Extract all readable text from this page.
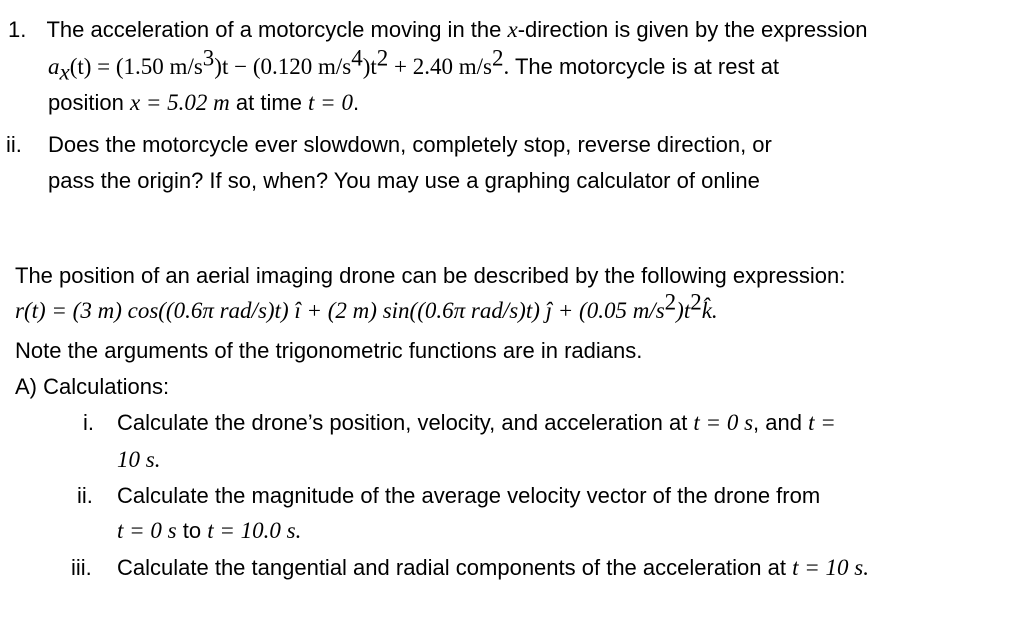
1. The acceleration of a motorcycle moving in the x-direction is given by the expression
$a_x(t) = (1.50$ $m/s^3)t - (0.120$ $m/s^4)t^2 + 2.40$ $m/s^2$. The motorcycle is at rest at
position x = 5.02 m at time t = 0.
ii. Does the motorcycle ever slowdown, completely stop, reverse direction, or
pass the origin? If so, when? You may use a graphing calculator of online
The position of an aerial imaging drone can be described by the following expression:
r(t) = (3 m) cos((0.6π rad/s)t) î + (2 m) sin((0.6π rad/s)t) ĵ + (0.05 $m/s^2)t^2k̂$.
Note the arguments of the trigonometric functions are in radians.
A) Calculations:
i. Calculate the drone’s position, velocity, and acceleration at t = 0 s, and t =
10 s.
ii. Calculate the magnitude of the average velocity vector of the drone from
t = 0 s to t = 10.0 s.
iii. Calculate the tangential and radial components of the acceleration at t = 10 s.
